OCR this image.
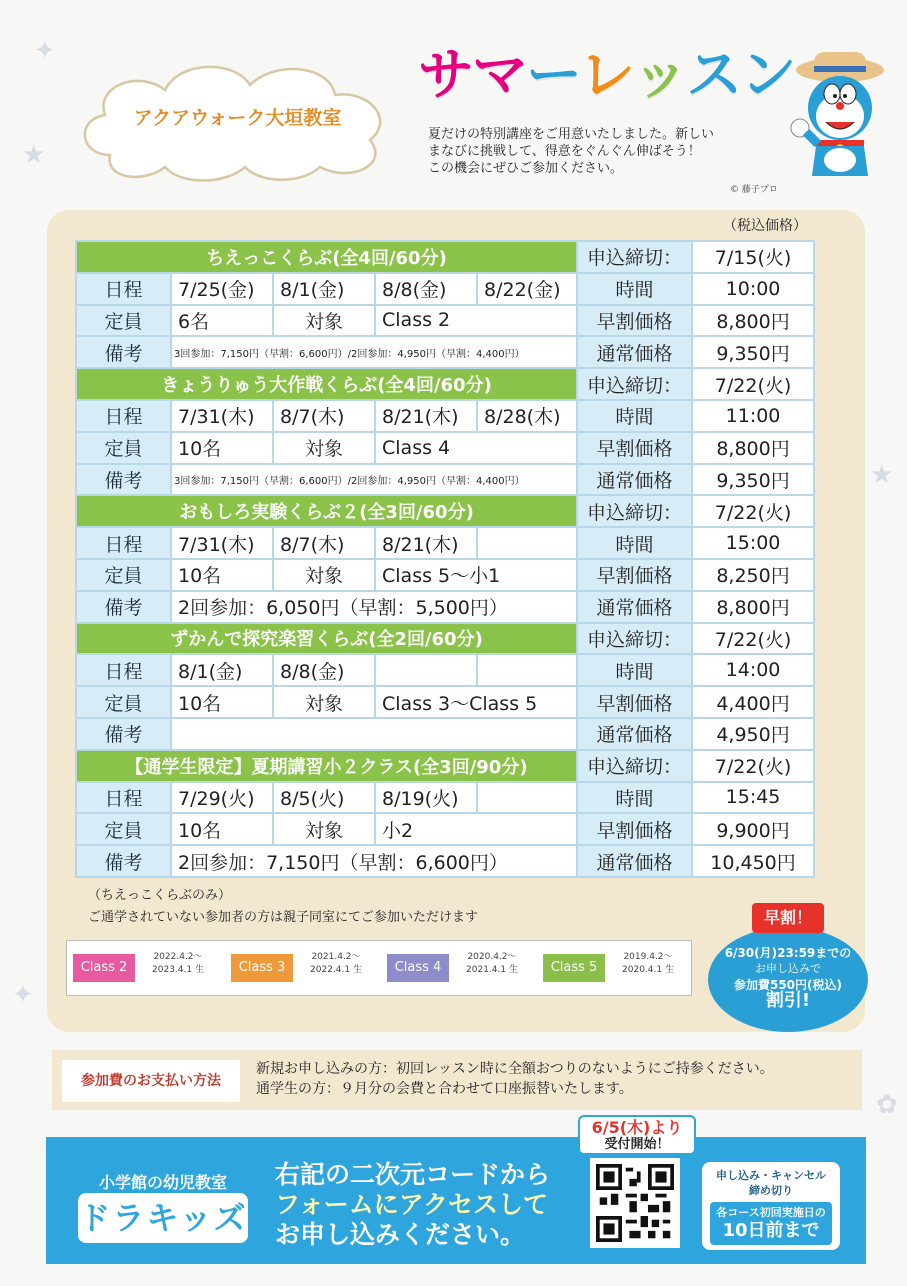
★
✦
★
✦
✿
アクアウォーク大垣教室
サマーレッスン
夏だけの特別講座をご用意いたしました。新しい
まなびに挑戦して、得意をぐんぐん伸ばそう！
この機会にぜひご参加ください。
© 藤子プロ
（税込価格）
ちえっこくらぶ(全4回/60分)					申込締切：	7/15(火)
日程	7/25(金)	8/1(金)	8/8(金)	8/22(金)	時間	10:00
定員	6名	対象	Class 2		早割価格	8,800円
備考	3回参加：7,150円（早割：6,600円）/2回参加：4,950円（早割：4,400円）				通常価格	9,350円
きょうりゅう大作戦くらぶ(全4回/60分)					申込締切：	7/22(火)
日程	7/31(木)	8/7(木)	8/21(木)	8/28(木)	時間	11:00
定員	10名	対象	Class 4		早割価格	8,800円
備考	3回参加：7,150円（早割：6,600円）/2回参加：4,950円（早割：4,400円）				通常価格	9,350円
おもしろ実験くらぶ２(全3回/60分)					申込締切：	7/22(火)
日程	7/31(木)	8/7(木)	8/21(木)		時間	15:00
定員	10名	対象	Class 5～小1		早割価格	8,250円
備考	2回参加：6,050円（早割：5,500円）				通常価格	8,800円
ずかんで探究楽習くらぶ(全2回/60分)					申込締切：	7/22(火)
日程	8/1(金)	8/8(金)			時間	14:00
定員	10名	対象	Class 3～Class 5		早割価格	4,400円
備考					通常価格	4,950円
【通学生限定】夏期講習小２クラス(全3回/90分)					申込締切：	7/22(火)
日程	7/29(火)	8/5(火)	8/19(火)		時間	15:45
定員	10名	対象	小2		早割価格	9,900円
備考	2回参加：7,150円（早割：6,600円）				通常価格	10,450円
（ちえっこくらぶのみ）
ご通学されていない参加者の方は親子同室にてご参加いただけます
Class 2
2022.4.2～
2023.4.1 生	Class 3
2021.4.2～
2022.4.1 生	Class 4
2020.4.2～
2021.4.1 生	Class 5
2019.4.2～
2020.4.1 生
6/30(月)23:59までの
お申し込みで
参加費550円(税込)
割引!
早割！
参加費のお支払い方法
新規お申し込みの方：初回レッスン時に全額おつりのないようにご持参ください。
通学生の方：９月分の会費と合わせて口座振替いたします。
小学館の幼児教室
ドラキッズ
右記の二次元コードから
フォームにアクセスして
お申し込みください。
6/5(木)より
受付開始！
申し込み・キャンセル
締め切り
各コース初回実施日の
10日前まで
